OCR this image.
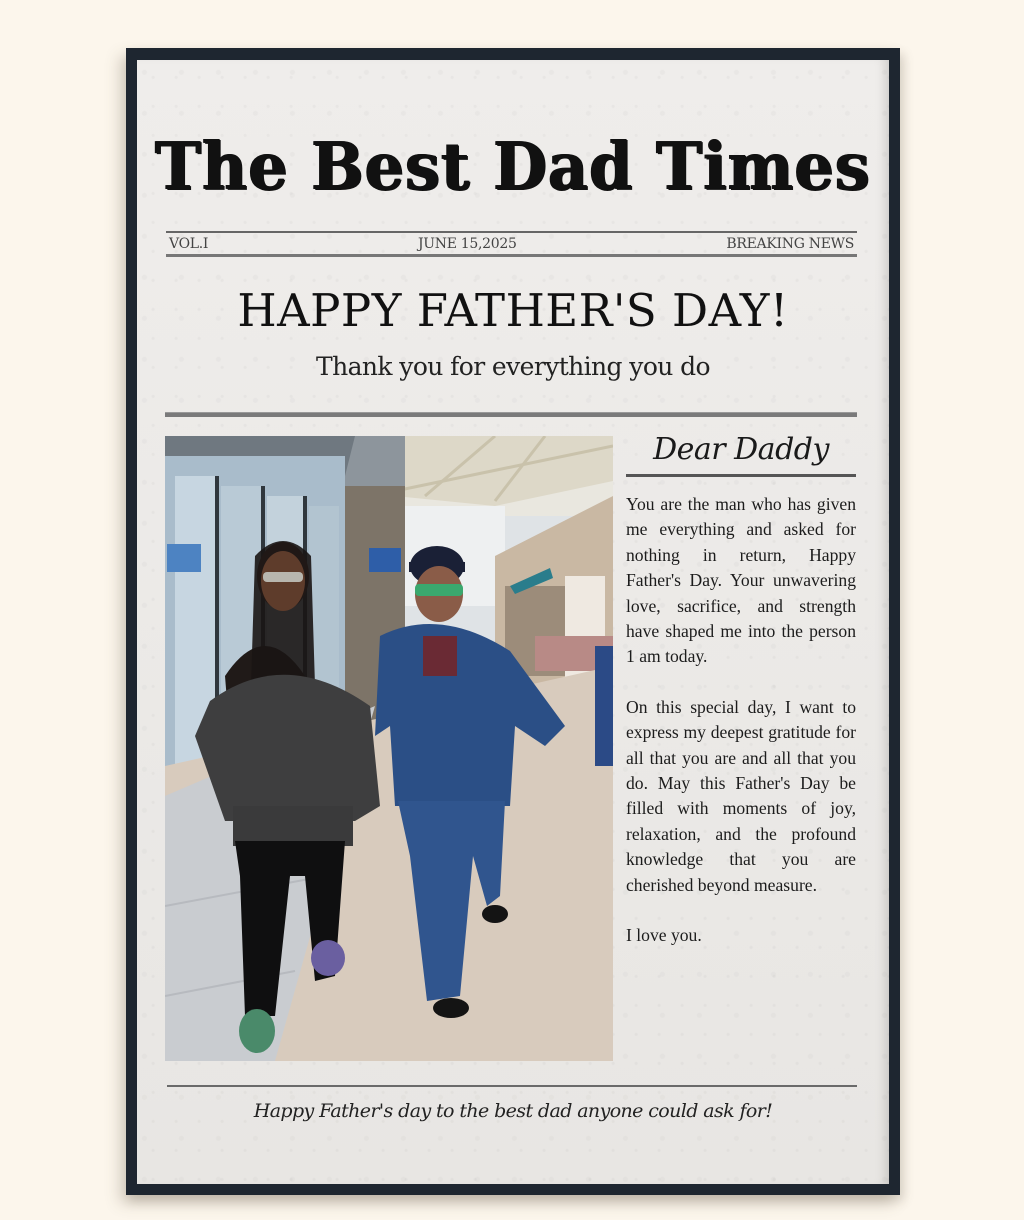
The Best Dad Times
VOL.I	JUNE 15,2025	BREAKING NEWS
HAPPY FATHER'S DAY!
Thank you for everything you do
Dear Daddy

You are the man who has given me everything and asked for nothing in return, Happy Father's Day. Your unwavering love, sacrifice, and strength have shaped me into the person 1 am today.

On this special day, I want to express my deepest gratitude for all that you are and all that you do. May this Father's Day be filled with moments of joy, relaxation, and the profound knowledge that you are cherished beyond measure.

I love you.

Happy Father's day to the best dad anyone could ask for!
